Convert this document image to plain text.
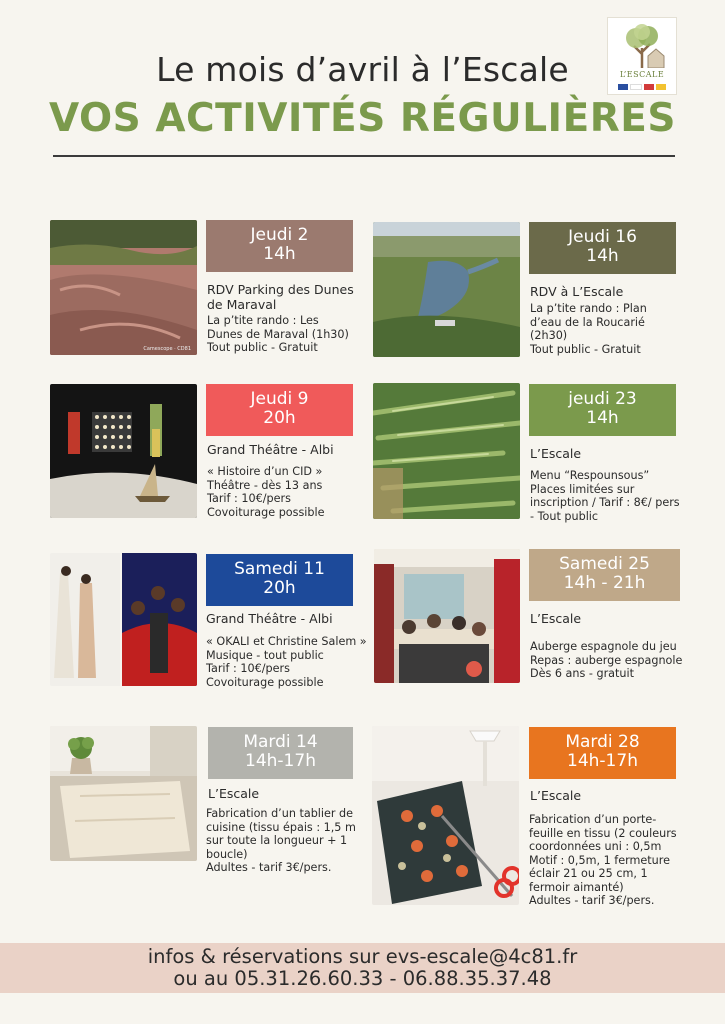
L’ESCALE
Le mois d’avril à l’Escale
VOS ACTIVITÉS RÉGULIÈRES
Camescope · CD81
Jeudi 2
14h
RDV Parking des Dunes de Maraval
La p’tite rando : Les Dunes de Maraval (1h30)
Tout public - Gratuit
Jeudi 16
14h
RDV à L’Escale
La p’tite rando : Plan d’eau de la Roucarié (2h30)
Tout public - Gratuit
Jeudi 9
20h
Grand Théâtre - Albi
« Histoire d’un CID »
Théâtre - dès 13 ans
Tarif : 10€/pers
Covoiturage possible
jeudi 23
14h
L’Escale
Menu “Respounsous”
Places limitées sur inscription / Tarif : 8€/ pers - Tout public
Samedi 11
20h
Grand Théâtre - Albi
« OKALI et Christine Salem »
Musique - tout public
Tarif : 10€/pers
Covoiturage possible
Samedi 25
14h - 21h
L’Escale
Auberge espagnole du jeu
Repas : auberge espagnole
Dès 6 ans - gratuit
Mardi 14
14h-17h
L’Escale
Fabrication d’un tablier de cuisine (tissu épais : 1,5 m sur toute la longueur + 1 boucle)
Adultes - tarif 3€/pers.
Mardi 28
14h-17h
L’Escale
Fabrication d’un porte-feuille en tissu (2 couleurs coordonnées uni : 0,5m
Motif : 0,5m, 1 fermeture éclair 21 ou 25 cm, 1 fermoir aimanté)
Adultes - tarif 3€/pers.
infos & réservations sur evs-escale@4c81.fr
ou au 05.31.26.60.33 - 06.88.35.37.48
